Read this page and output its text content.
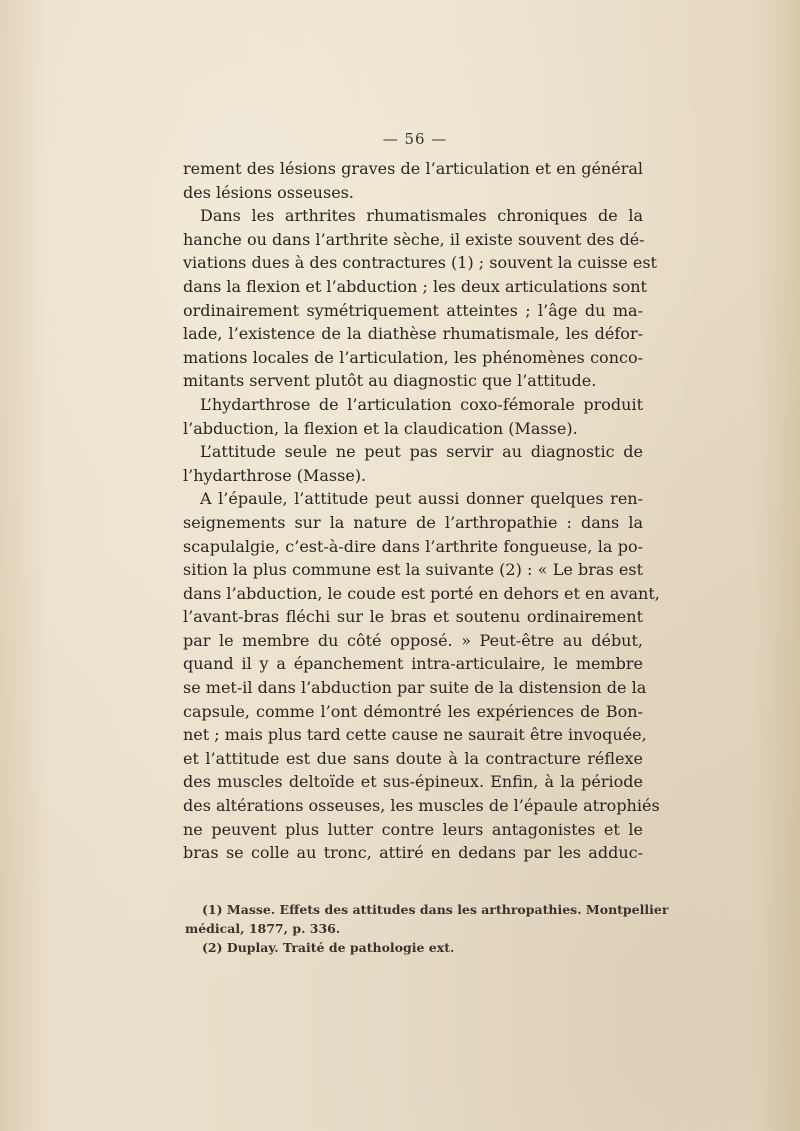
— 56 —
rement des lésions graves de l’articulation et en général
des lésions osseuses.
Dans les arthrites rhumatismales chroniques de la
hanche ou dans l’arthrite sèche, il existe souvent des dé-
viations dues à des contractures (1) ; souvent la cuisse est
dans la flexion et l’abduction ; les deux articulations sont
ordinairement symétriquement atteintes ; l’âge du ma-
lade, l’existence de la diathèse rhumatismale, les défor-
mations locales de l’articulation, les phénomènes conco-
mitants servent plutôt au diagnostic que l’attitude.
L’hydarthrose de l’articulation coxo-fémorale produit
l’abduction, la flexion et la claudication (Masse).
L’attitude seule ne peut pas servir au diagnostic de
l’hydarthrose (Masse).
A l’épaule, l’attitude peut aussi donner quelques ren-
seignements sur la nature de l’arthropathie : dans la
scapulalgie, c’est-à-dire dans l’arthrite fongueuse, la po-
sition la plus commune est la suivante (2) : « Le bras est
dans l’abduction, le coude est porté en dehors et en avant,
l’avant-bras fléchi sur le bras et soutenu ordinairement
par le membre du côté opposé. » Peut-être au début,
quand il y a épanchement intra-articulaire, le membre
se met-il dans l’abduction par suite de la distension de la
capsule, comme l’ont démontré les expériences de Bon-
net ; mais plus tard cette cause ne saurait être invoquée,
et l’attitude est due sans doute à la contracture réflexe
des muscles deltoïde et sus-épineux. Enfin, à la période
des altérations osseuses, les muscles de l’épaule atrophiés
ne peuvent plus lutter contre leurs antagonistes et le
bras se colle au tronc, attiré en dedans par les adduc-
(1) Masse. Effets des attitudes dans les arthropathies. Montpellier
médical, 1877, p. 336.
(2) Duplay. Traité de pathologie ext.
